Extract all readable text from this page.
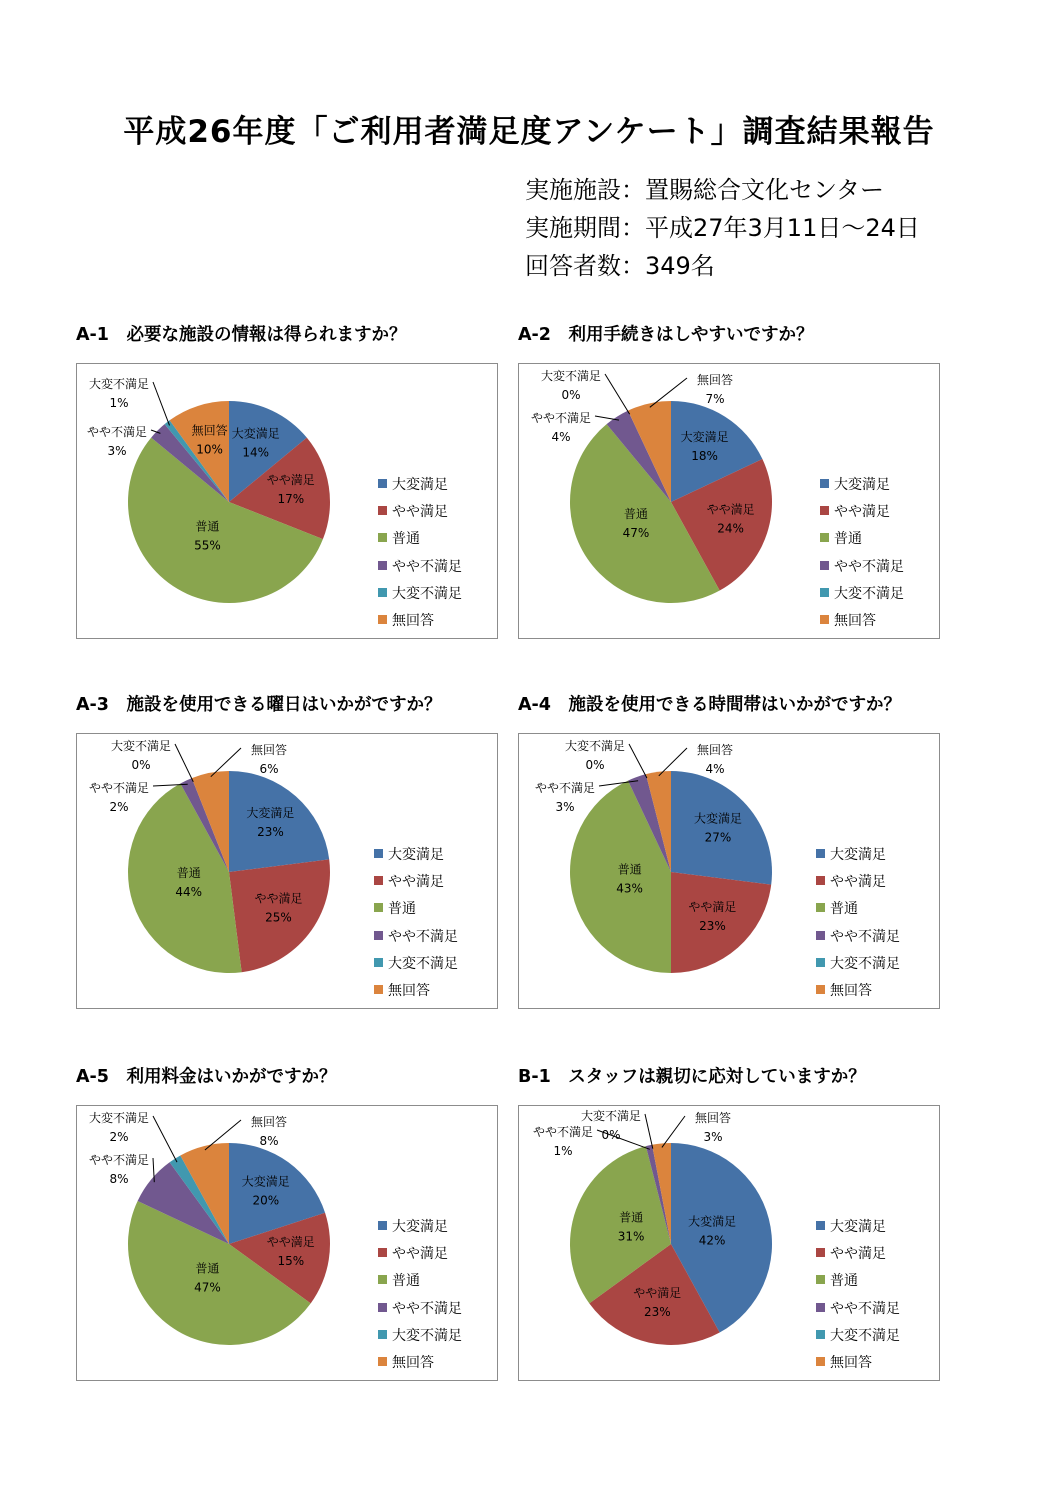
平成26年度「ご利用者満足度アンケート」調査結果報告
実施施設：置賜総合文化センター
実施期間：平成27年3月11日～24日
回答者数：349名
A-1　必要な施設の情報は得られますか？
大変満足
14%
やや満足
17%
普通
55%
やや不満足
3%
大変不満足
1%
無回答
10%
大変満足
やや満足
普通
やや不満足
大変不満足
無回答
A-2　利用手続きはしやすいですか？
大変満足
18%
やや満足
24%
普通
47%
やや不満足
4%
大変不満足
0%
無回答
7%
大変満足
やや満足
普通
やや不満足
大変不満足
無回答
A-3　施設を使用できる曜日はいかがですか？
大変満足
23%
やや満足
25%
普通
44%
やや不満足
2%
大変不満足
0%
無回答
6%
大変満足
やや満足
普通
やや不満足
大変不満足
無回答
A-4　施設を使用できる時間帯はいかがですか？
大変満足
27%
やや満足
23%
普通
43%
やや不満足
3%
大変不満足
0%
無回答
4%
大変満足
やや満足
普通
やや不満足
大変不満足
無回答
A-5　利用料金はいかがですか？
大変満足
20%
やや満足
15%
普通
47%
やや不満足
8%
大変不満足
2%
無回答
8%
大変満足
やや満足
普通
やや不満足
大変不満足
無回答
B-1　スタッフは親切に応対していますか？
大変満足
42%
やや満足
23%
普通
31%
やや不満足
1%
大変不満足
0%
無回答
3%
大変満足
やや満足
普通
やや不満足
大変不満足
無回答
